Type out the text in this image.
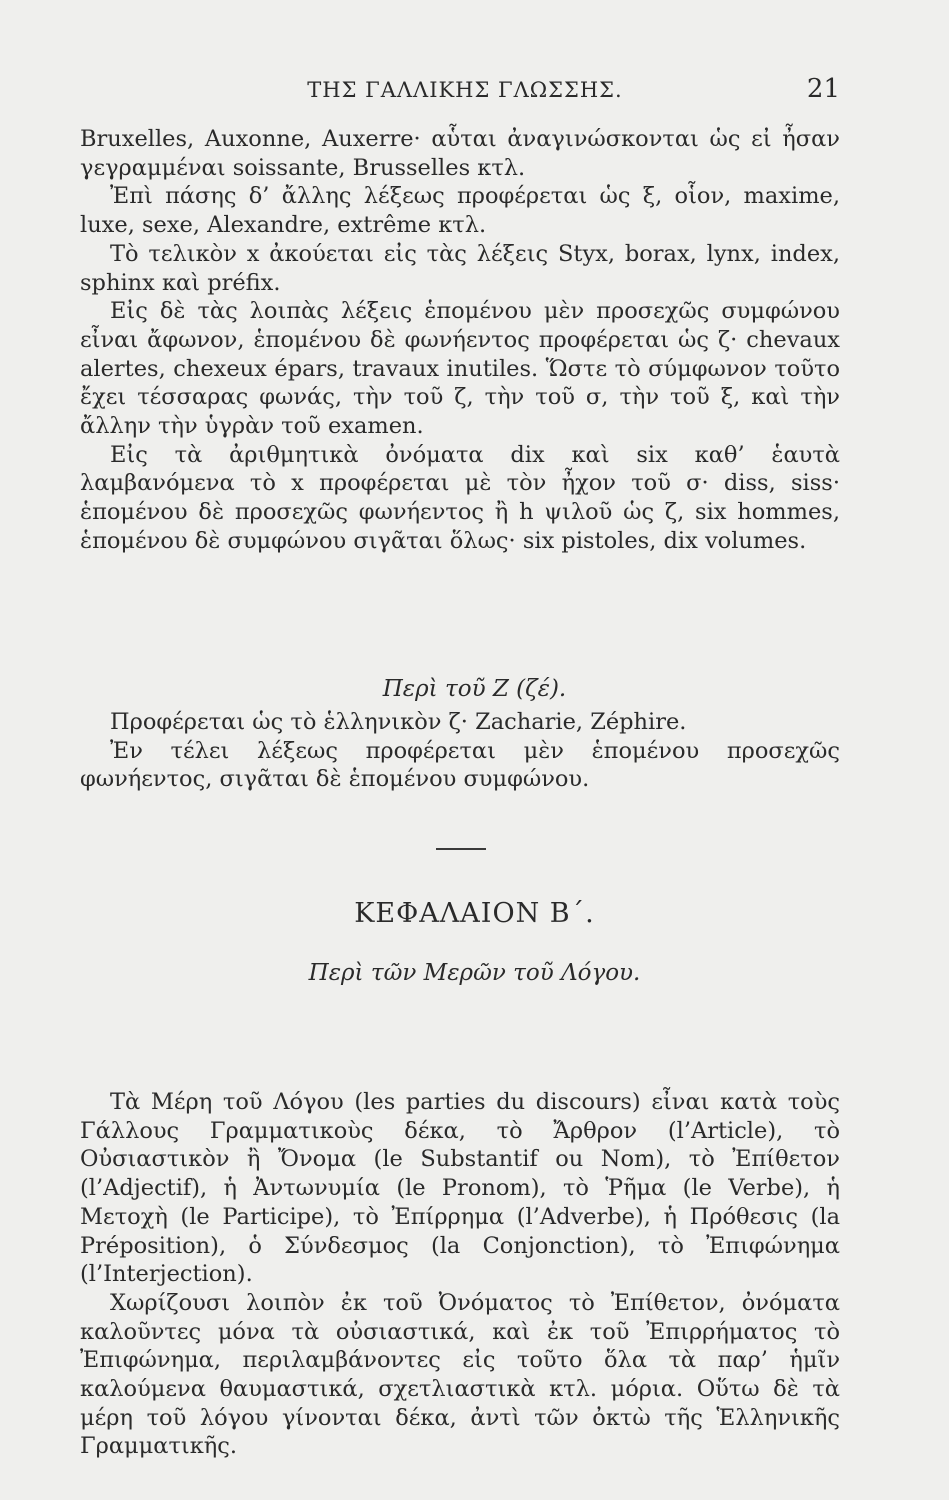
ΤΗΣ ΓΑΛΛΙΚΗΣ ΓΛΩΣΣΗΣ.	21

Bruxelles, Auxonne, Auxerre· αὗται ἀναγινώσκονται ὡς εἰ ἦσαν γεγραμμέναι soissante, Brusselles κτλ.

Ἐπὶ πάσης δ’ ἄλλης λέξεως προφέρεται ὡς ξ, οἷον, maxime, luxe, sexe, Alexandre, extrême κτλ.

Τὸ τελικὸν x ἀκούεται εἰς τὰς λέξεις Styx, borax, lynx, index, sphinx καὶ préfix.

Εἰς δὲ τὰς λοιπὰς λέξεις ἑπομένου μὲν προσεχῶς συμφώνου εἶναι ἄφωνον, ἑπομένου δὲ φωνήεντος προφέρεται ὡς ζ· chevaux alertes, chexeux épars, travaux inutiles. Ὥστε τὸ σύμφωνον τοῦτο ἔχει τέσσαρας φωνάς, τὴν τοῦ ζ, τὴν τοῦ σ, τὴν τοῦ ξ, καὶ τὴν ἄλλην τὴν ὑγρὰν τοῦ examen.

Εἰς τὰ ἀριθμητικὰ ὀνόματα dix καὶ six καθ’ ἑαυτὰ λαμβανόμενα τὸ x προφέρεται μὲ τὸν ἦχον τοῦ σ· diss, siss· ἑπομένου δὲ προσεχῶς φωνήεντος ἢ h ψιλοῦ ὡς ζ, six hommes, ἑπομένου δὲ συμφώνου σιγᾶται ὅλως· six pistoles, dix volumes.

Περὶ τοῦ Ζ (ζέ).

Προφέρεται ὡς τὸ ἑλληνικὸν ζ· Zacharie, Zéphire.

Ἐν τέλει λέξεως προφέρεται μὲν ἑπομένου προσεχῶς φωνήεντος, σιγᾶται δὲ ἑπομένου συμφώνου.

ΚΕΦΑΛΑΙΟΝ Β΄.
Περὶ τῶν Μερῶν τοῦ Λόγου.

Τὰ Μέρη τοῦ Λόγου (les parties du discours) εἶναι κατὰ τοὺς Γάλλους Γραμματικοὺς δέκα, τὸ Ἄρθρον (l’Article), τὸ Οὐσιαστικὸν ἢ Ὄνομα (le Substantif ou Nom), τὸ Ἐπίθετον (l’Adjectif), ἡ Ἀντωνυμία (le Pronom), τὸ Ῥῆμα (le Verbe), ἡ Μετοχὴ (le Participe), τὸ Ἐπίρρημα (l’Adverbe), ἡ Πρόθεσις (la Préposition), ὁ Σύνδεσμος (la Conjonction), τὸ Ἐπιφώνημα (l’Interjection).

Χωρίζουσι λοιπὸν ἐκ τοῦ Ὀνόματος τὸ Ἐπίθετον, ὀνόματα καλοῦντες μόνα τὰ οὐσιαστικά, καὶ ἐκ τοῦ Ἐπιρρήματος τὸ Ἐπιφώνημα, περιλαμβάνοντες εἰς τοῦτο ὅλα τὰ παρ’ ἡμῖν καλούμενα θαυμαστικά, σχετλιαστικὰ κτλ. μόρια. Οὕτω δὲ τὰ μέρη τοῦ λόγου γίνονται δέκα, ἀντὶ τῶν ὀκτὼ τῆς Ἑλληνικῆς Γραμματικῆς.
